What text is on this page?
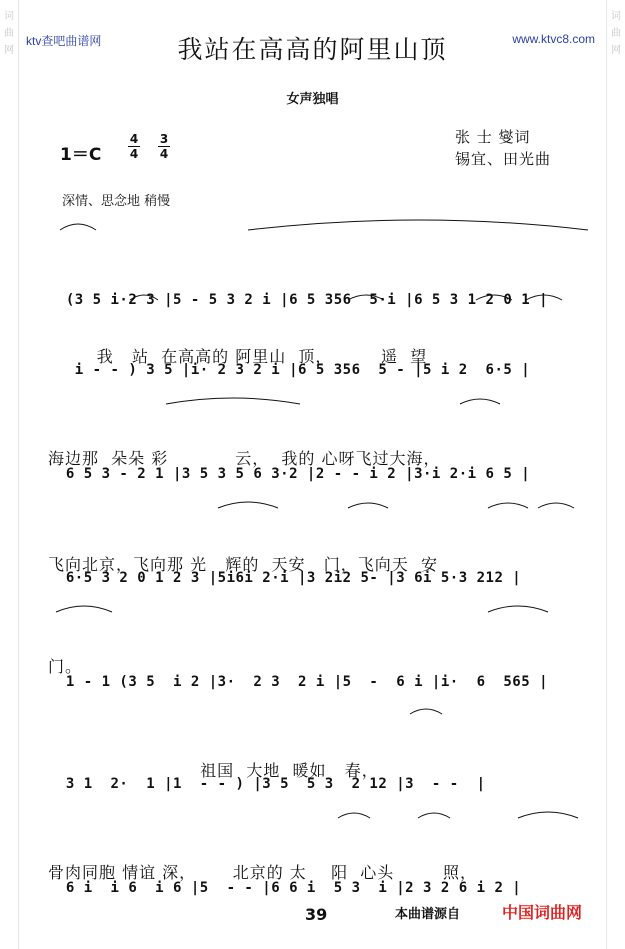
词曲网
词曲网
ktv查吧曲谱网	www.ktvc8.com
我站在高高的阿里山顶
女声独唱
1＝C
4
4
3
4
张 士 燮词
锡宜、田光曲
深情、思念地 稍慢

(3 5 i·2 3 |5 - 5 3 2 i |6 5 356  5·i |6 5 3 1 2 0 1 |

i - - ) 3 5 |i· 2 3 2 i |6 5 356  5 - |5 i 2  6·5 |

我   站  在高高的 阿里山  顶，        遥  望

6 5 3 - 2 1 |3 5 3 5 6 3·2 |2 - - i 2 |3·i 2·i 6 5 |

海边那  朵朵 彩           云，  我的 心呀飞过大海，

6·5 3 2 0 1 2 3 |5i6i 2·i |3 2i2 5- |3 6i 5·3 212 |

飞向北京，飞向那 光   辉的  天安   门，飞向天  安

1 - 1 (3 5  i 2 |3·  2 3  2 i |5  -  6 i |i·  6  565 |

门。

3 1  2·  1 |1  - - ) |3 5  5 3  2 12 |3  - -  |

祖国  大地  暖如   春，

6 i  i 6  i 6 |5  - - |6 6 i  5 3  i |2 3 2 6 i 2 |

骨肉同胞 情谊 深，      北京的 太    阳  心头        照，
39	本曲谱源自	中国词曲网
